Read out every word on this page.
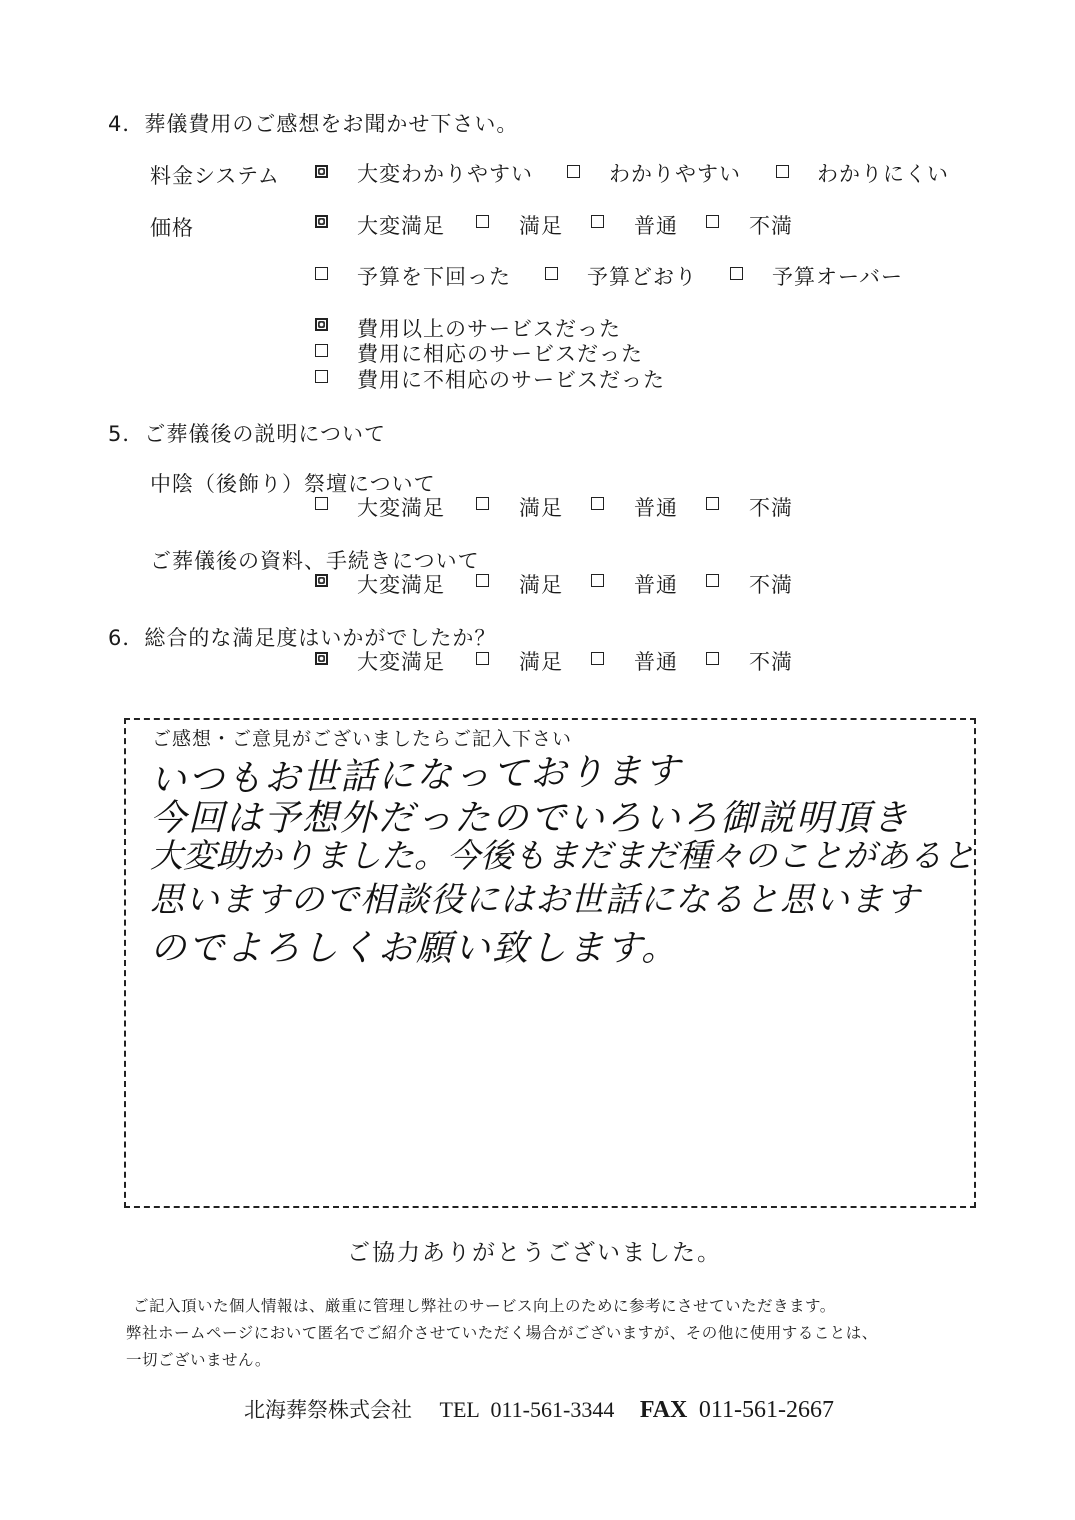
4．葬儀費用のご感想をお聞かせ下さい。
料金システム	大変わかりやすい	わかりやすい	わかりにくい
価格	大変満足	満足	普通	不満
予算を下回った	予算どおり	予算オーバー
費用以上のサービスだった
費用に相応のサービスだった
費用に不相応のサービスだった
5．ご葬儀後の説明について
中陰（後飾り）祭壇について
大変満足	満足	普通	不満
ご葬儀後の資料、手続きについて
大変満足	満足	普通	不満
6．総合的な満足度はいかがでしたか？
大変満足	満足	普通	不満
ご感想・ご意見がございましたらご記入下さい
いつもお世話になっております
今回は予想外だったのでいろいろ御説明頂き
大変助かりました。今後もまだまだ種々のことがあると
思いますので相談役にはお世話になると思います
のでよろしくお願い致します。
ご協力ありがとうございました。
ご記入頂いた個人情報は、厳重に管理し弊社のサービス向上のために参考にさせていただきます。
弊社ホームページにおいて匿名でご紹介させていただく場合がございますが、その他に使用することは、
一切ございません。
北海葬祭株式会社 TEL 011-561-3344 FAX 011-561-2667
